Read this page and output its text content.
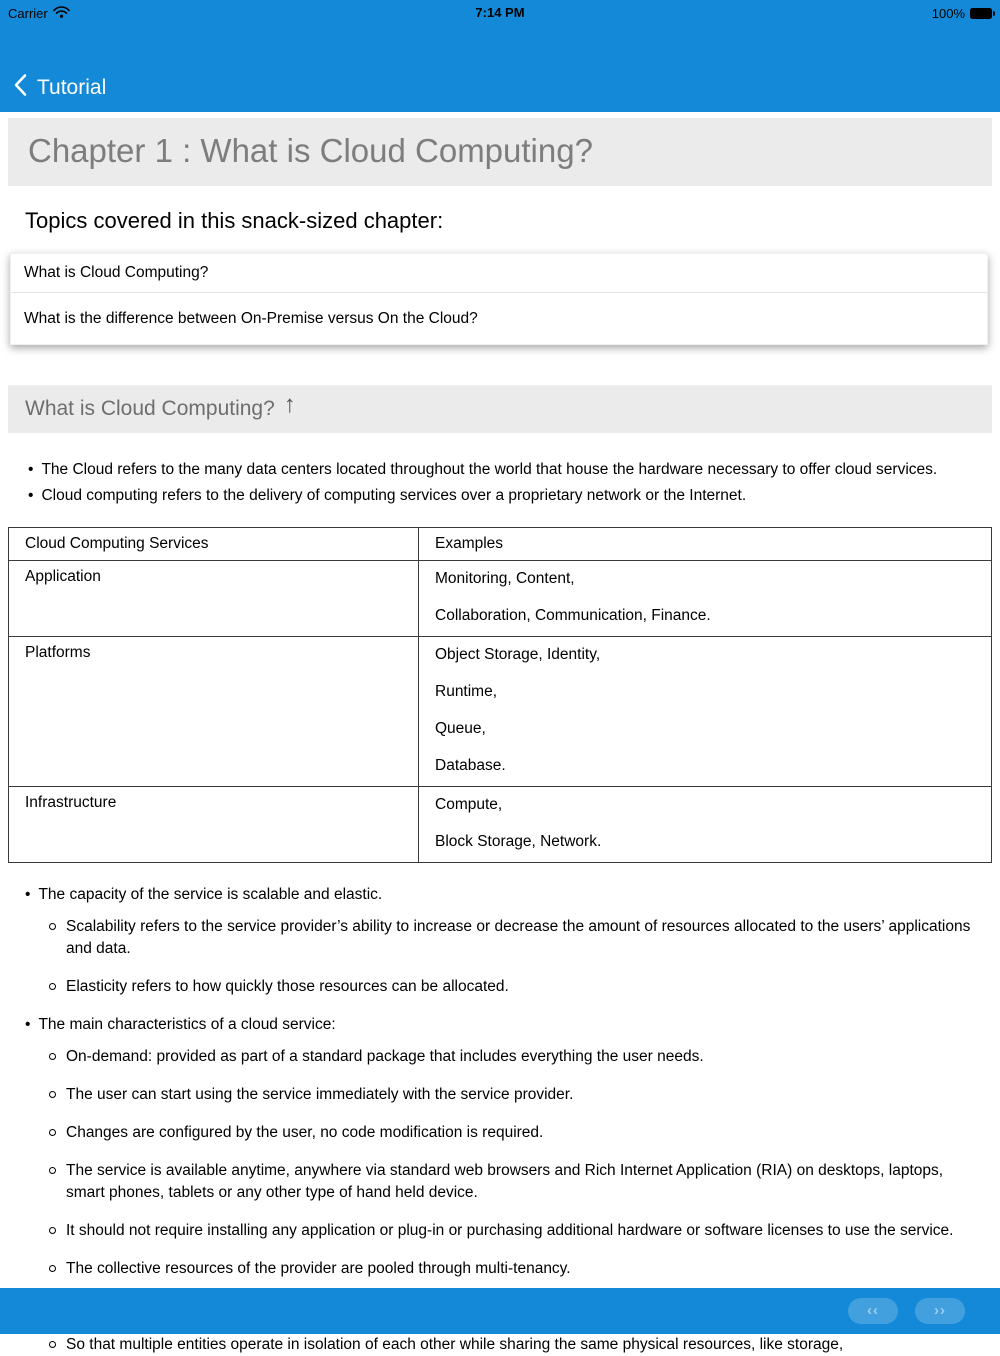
Carrier	7:14 PM	100%
Tutorial
Chapter 1 : What is Cloud Computing?
Topics covered in this snack-sized chapter:
What is Cloud Computing?
What is the difference between On-Premise versus On the Cloud?
What is Cloud Computing? ↑
• The Cloud refers to the many data centers located throughout the world that house the hardware necessary to offer cloud services.
• Cloud computing refers to the delivery of computing services over a proprietary network or the Internet.
Cloud Computing Services	Examples
Application	Monitoring, Content,

Collaboration, Communication, Finance.

Platforms	Object Storage, Identity,

Runtime,

Queue,

Database.

Infrastructure	Compute,

Block Storage, Network.

• The capacity of the service is scalable and elastic.
Scalability refers to the service provider’s ability to increase or decrease the amount of resources allocated to the users’ applications and data.
Elasticity refers to how quickly those resources can be allocated.
• The main characteristics of a cloud service:
On-demand: provided as part of a standard package that includes everything the user needs.
The user can start using the service immediately with the service provider.
Changes are configured by the user, no code modification is required.
The service is available anytime, anywhere via standard web browsers and Rich Internet Application (RIA) on desktops, laptops, smart phones, tablets or any other type of hand held device.
It should not require installing any application or plug-in or purchasing additional hardware or software licenses to use the service.
The collective resources of the provider are pooled through multi-tenancy.
So that multiple entities operate in isolation of each other while sharing the same physical resources, like storage,
‹‹	››
